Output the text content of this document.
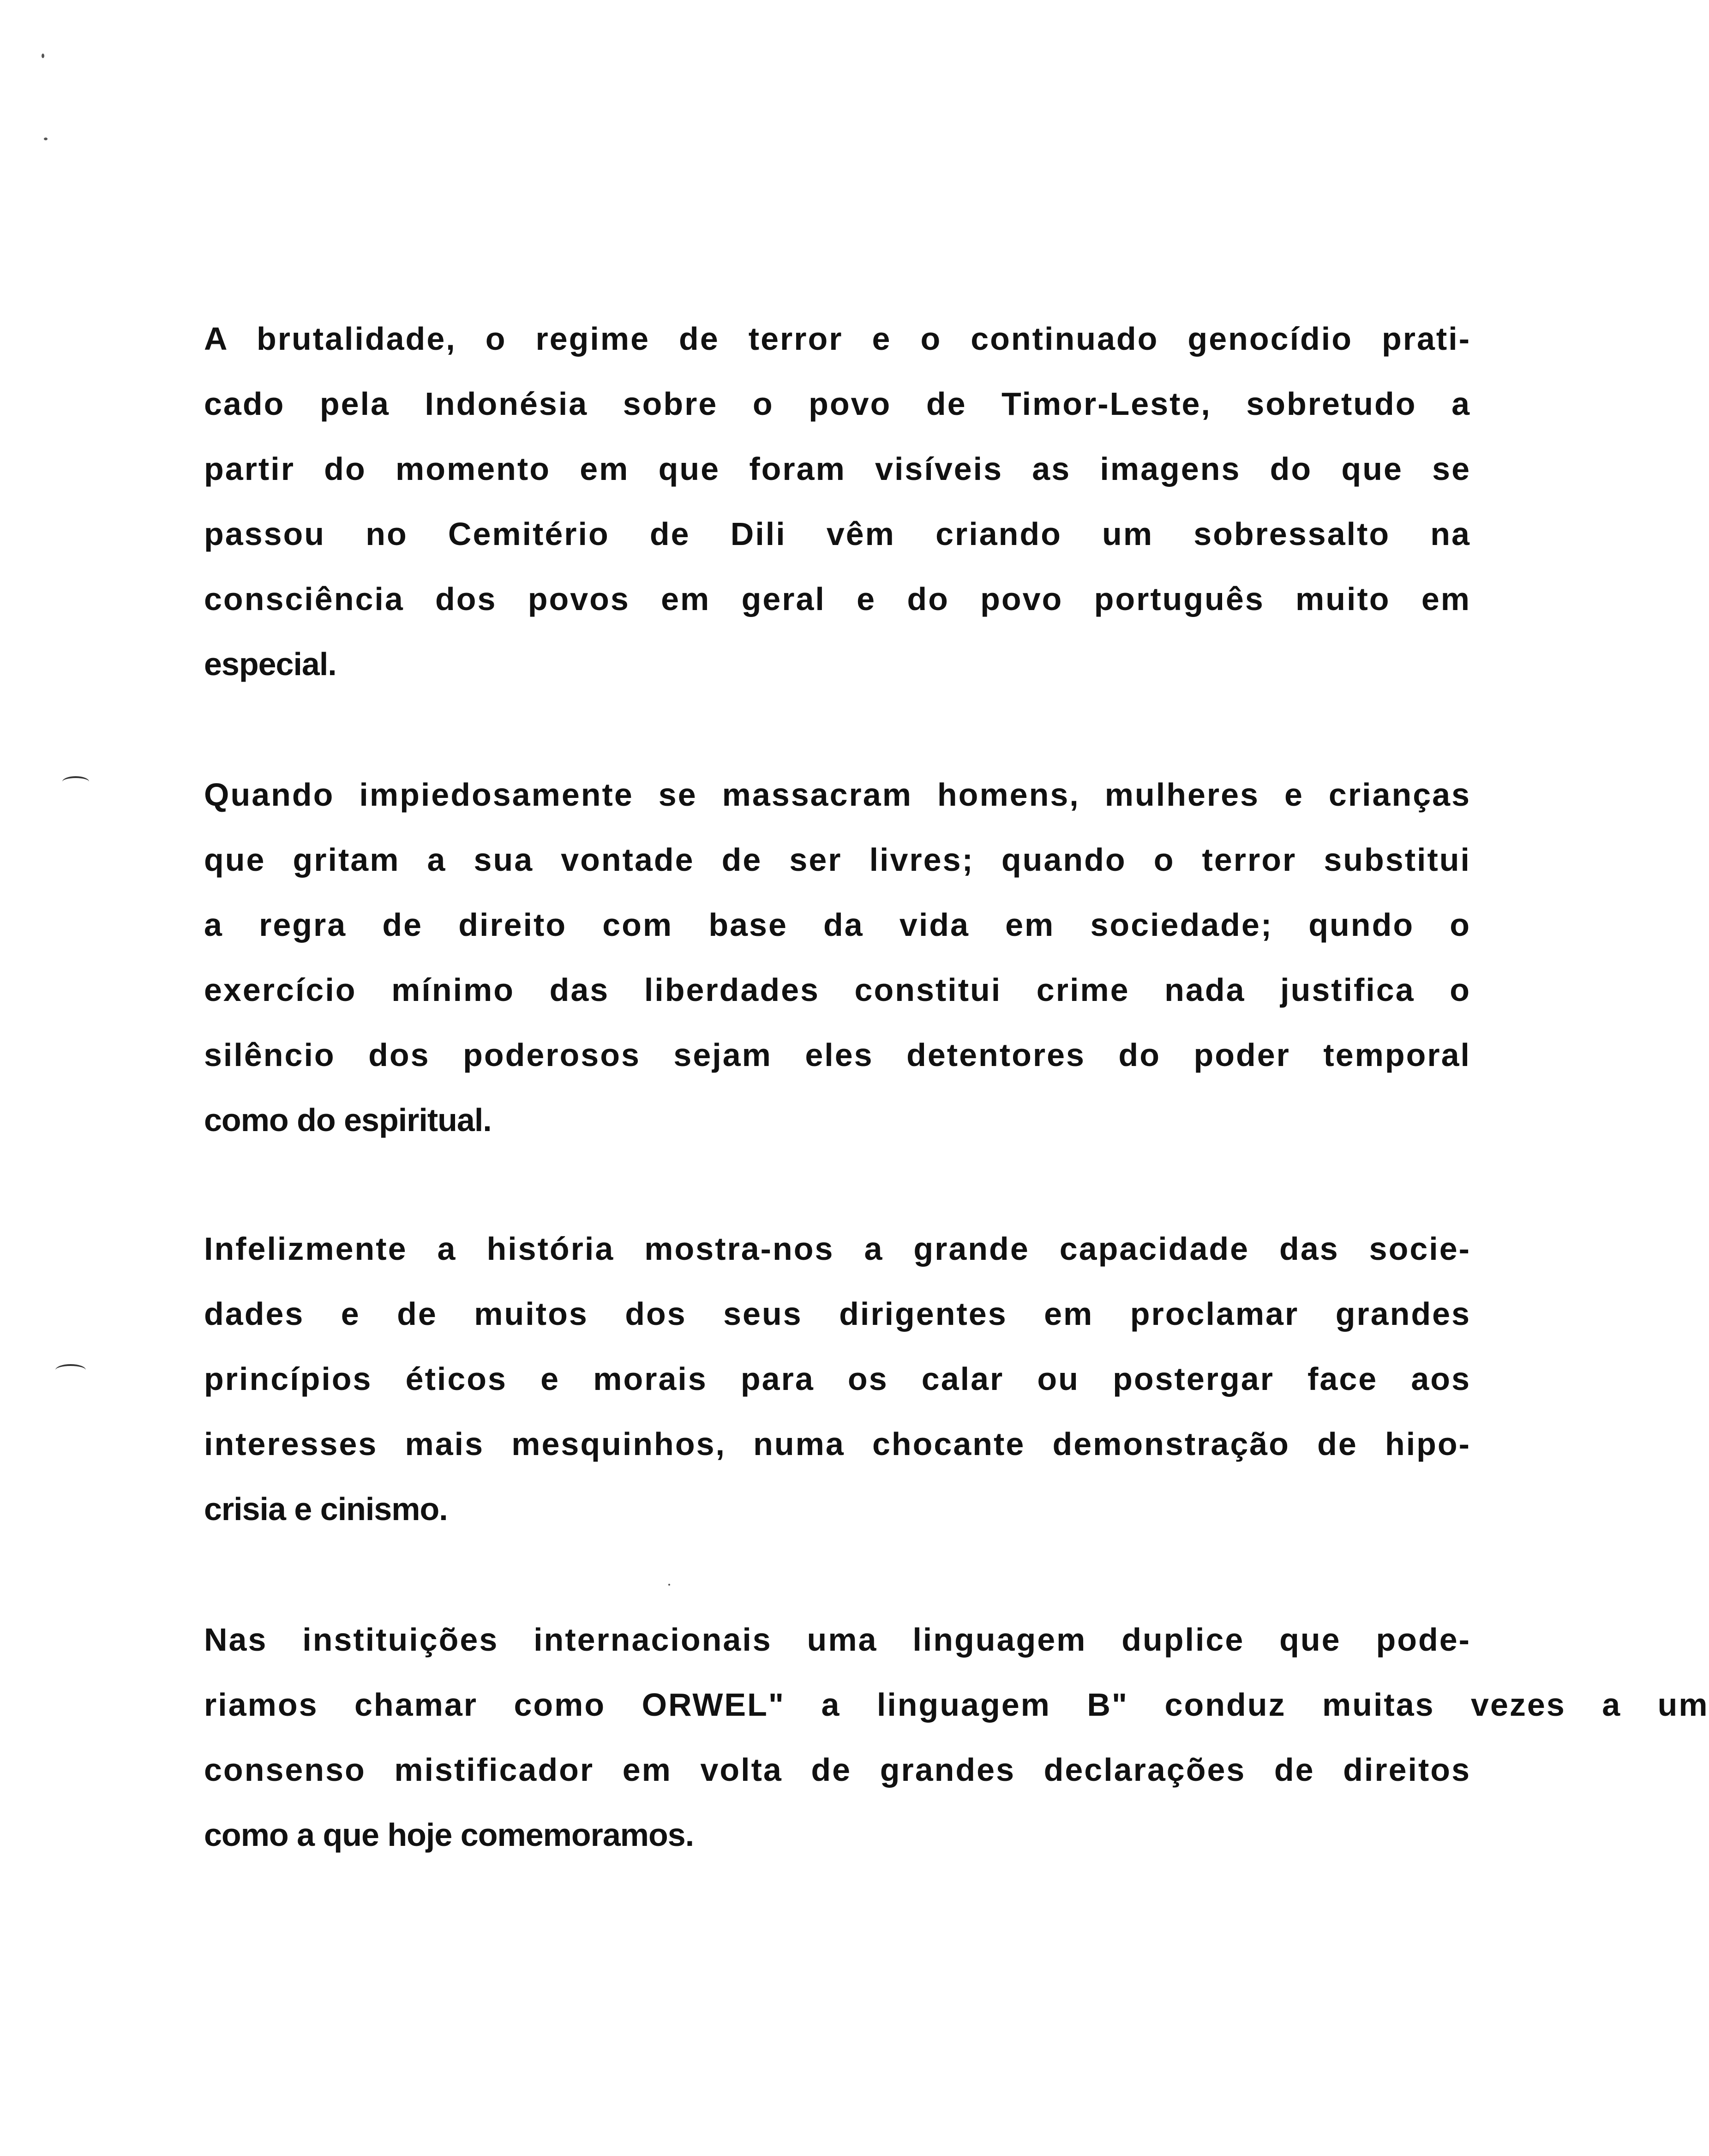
A brutalidade, o regime de terror e o continuado genocídio prati-
cado pela Indonésia sobre o povo de Timor-Leste, sobretudo a
partir do momento em que foram visíveis as imagens do que se
passou no Cemitério de Dili vêm criando um sobressalto na
consciência dos povos em geral e do povo português muito em
especial.
Quando impiedosamente se massacram homens, mulheres e crianças
que gritam a sua vontade de ser livres; quando o terror substitui
a regra de direito com base da vida em sociedade; qundo o
exercício mínimo das liberdades constitui crime nada justifica o
silêncio dos poderosos sejam eles detentores do poder temporal
como do espiritual.
Infelizmente a história mostra-nos a grande capacidade das socie-
dades e de muitos dos seus dirigentes em proclamar grandes
princípios éticos e morais para os calar ou postergar face aos
interesses mais mesquinhos, numa chocante demonstração de hipo-
crisia e cinismo.
Nas instituições internacionais uma linguagem duplice que pode-
riamos chamar como ORWEL" a linguagem B" conduz muitas vezes a um
consenso mistificador em volta de grandes declarações de direitos
como a que hoje comemoramos.
